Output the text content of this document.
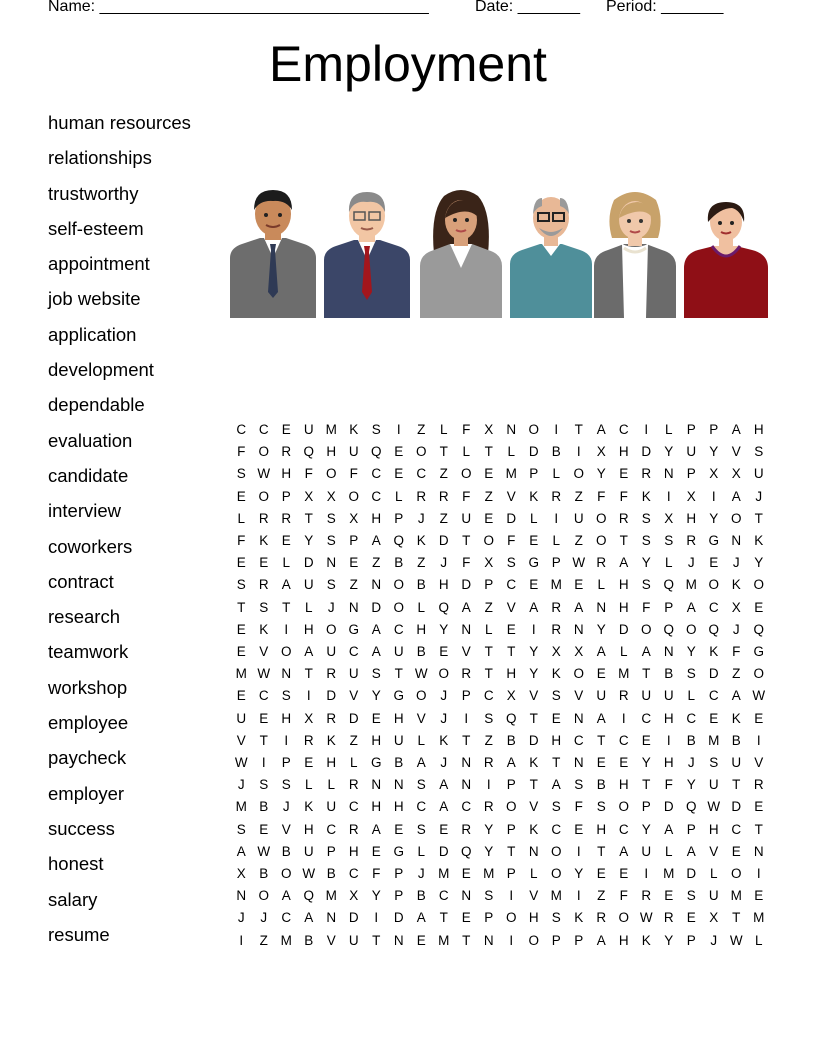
Name: _____________________________________	Date: _______ Period: _______
Employment
human resources
relationships
trustworthy
self-esteem
appointment
job website
application
development
dependable
evaluation
candidate
interview
coworkers
contract
research
teamwork
workshop
employee
paycheck
employer
success
honest
salary
resume
C	C	E	U	M	K	S	I	Z	L	F	X	N	O	I	T	A	C	I	L	P	P	A	H
F	O	R	Q	H	U	Q	E	O	T	L	T	L	D	B	I	X	H	D	Y	U	Y	V	S
S	W	H	F	O	F	C	E	C	Z	O	E	M	P	L	O	Y	E	R	N	P	X	X	U
E	O	P	X	X	O	C	L	R	R	F	Z	V	K	R	Z	F	F	K	I	X	I	A	J
L	R	R	T	S	X	H	P	J	Z	U	E	D	L	I	U	O	R	S	X	H	Y	O	T
F	K	E	Y	S	P	A	Q	K	D	T	O	F	E	L	Z	O	T	S	S	R	G	N	K
E	E	L	D	N	E	Z	B	Z	J	F	X	S	G	P	W	R	A	Y	L	J	E	J	Y
S	R	A	U	S	Z	N	O	B	H	D	P	C	E	M	E	L	H	S	Q	M	O	K	O
T	S	T	L	J	N	D	O	L	Q	A	Z	V	A	R	A	N	H	F	P	A	C	X	E
E	K	I	H	O	G	A	C	H	Y	N	L	E	I	R	N	Y	D	O	Q	O	Q	J	Q
E	V	O	A	U	C	A	U	B	E	V	T	T	Y	X	X	A	L	A	N	Y	K	F	G
M	W	N	T	R	U	S	T	W	O	R	T	H	Y	K	O	E	M	T	B	S	D	Z	O
E	C	S	I	D	V	Y	G	O	J	P	C	X	V	S	V	U	R	U	U	L	C	A	W
U	E	H	X	R	D	E	H	V	J	I	S	Q	T	E	N	A	I	C	H	C	E	K	E
V	T	I	R	K	Z	H	U	L	K	T	Z	B	D	H	C	T	C	E	I	B	M	B	I
W	I	P	E	H	L	G	B	A	J	N	R	A	K	T	N	E	E	Y	H	J	S	U	V
J	S	S	L	L	R	N	N	S	A	N	I	P	T	A	S	B	H	T	F	Y	U	T	R
M	B	J	K	U	C	H	H	C	A	C	R	O	V	S	F	S	O	P	D	Q	W	D	E
S	E	V	H	C	R	A	E	S	E	R	Y	P	K	C	E	H	C	Y	A	P	H	C	T
A	W	B	U	P	H	E	G	L	D	Q	Y	T	N	O	I	T	A	U	L	A	V	E	N
X	B	O	W	B	C	F	P	J	M	E	M	P	L	O	Y	E	E	I	M	D	L	O	I
N	O	A	Q	M	X	Y	P	B	C	N	S	I	V	M	I	Z	F	R	E	S	U	M	E
J	J	C	A	N	D	I	D	A	T	E	P	O	H	S	K	R	O	W	R	E	X	T	M
I	Z	M	B	V	U	T	N	E	M	T	N	I	O	P	P	A	H	K	Y	P	J	W	L
